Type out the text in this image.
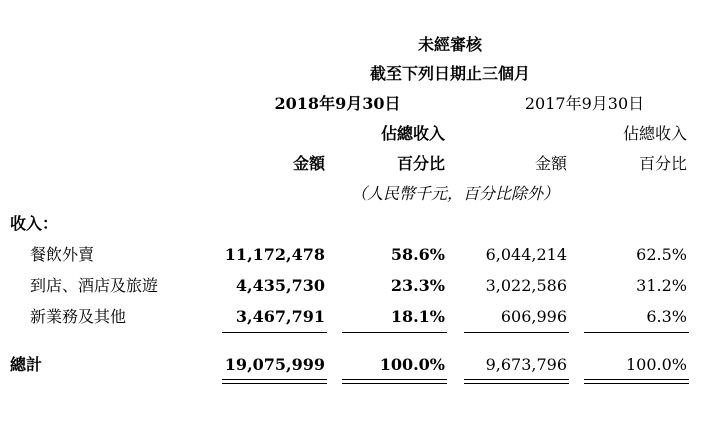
未經審核
截至下列日期止三個月
2018年9月30日	2017年9月30日
佔總收入	佔總收入
金額	百分比	金額	百分比
（人民幣千元，百分比除外）
收入：
餐飲外賣	11,172,478	58.6%	6,044,214	62.5%
到店、酒店及旅遊	4,435,730	23.3%	3,022,586	31.2%
新業務及其他	3,467,791	18.1%	606,996	6.3%
總計	19,075,999	100.0%	9,673,796	100.0%
